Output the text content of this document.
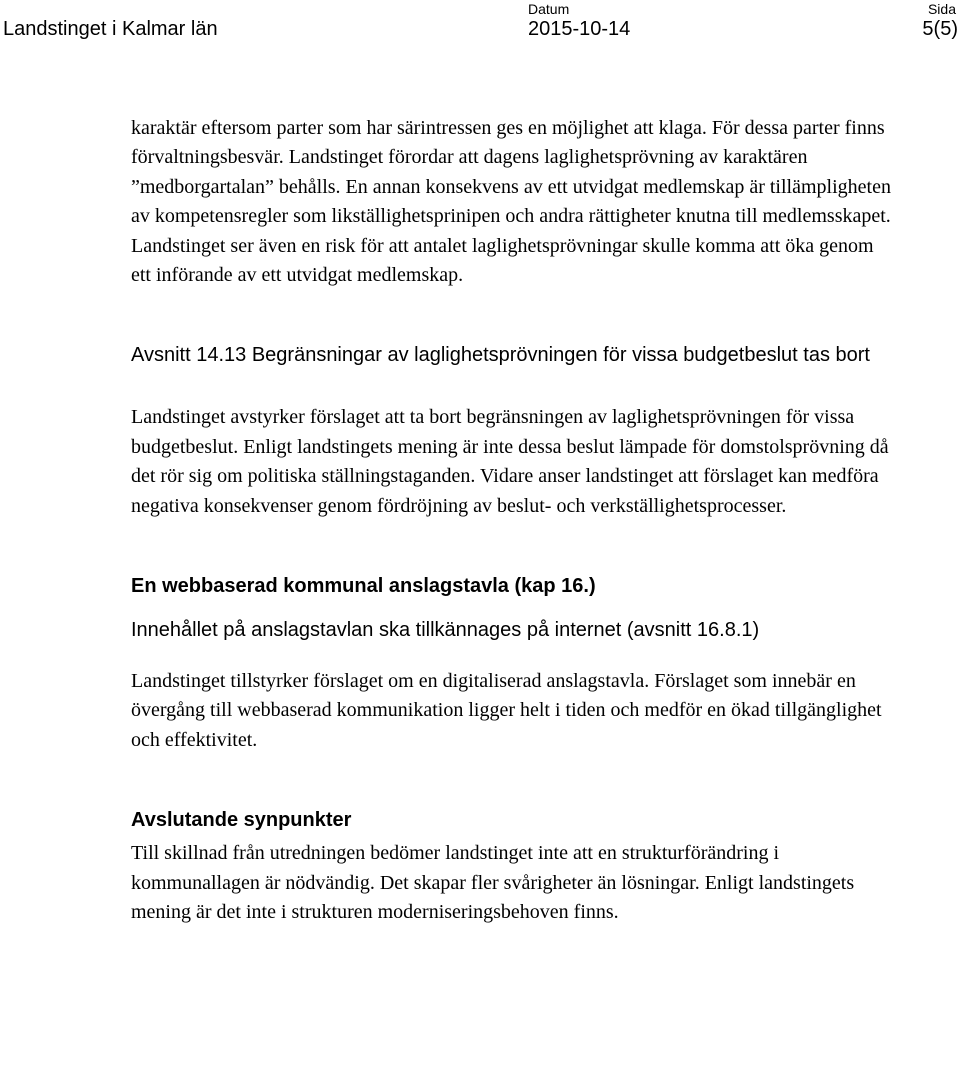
Landstinget i Kalmar län
Datum
2015-10-14
Sida
5(5)

karaktär eftersom parter som har särintressen ges en möjlighet att klaga. För dessa parter finns förvaltningsbesvär. Landstinget förordar att dagens laglighetsprövning av karaktären ”medborgartalan” behålls. En annan konsekvens av ett utvidgat medlemskap är tillämpligheten av kompetensregler som likställighetsprinipen och andra rättigheter knutna till medlemsskapet. Landstinget ser även en risk för att antalet laglighetsprövningar skulle komma att öka genom ett införande av ett utvidgat medlemskap.

Avsnitt 14.13 Begränsningar av laglighetsprövningen för vissa budgetbeslut tas bort

Landstinget avstyrker förslaget att ta bort begränsningen av laglighetsprövningen för vissa budgetbeslut. Enligt landstingets mening är inte dessa beslut lämpade för domstolsprövning då det rör sig om politiska ställningstaganden. Vidare anser landstinget att förslaget kan medföra negativa konsekvenser genom fördröjning av beslut- och verkställighetsprocesser.

En webbaserad kommunal anslagstavla (kap 16.)
Innehållet på anslagstavlan ska tillkännages på internet (avsnitt 16.8.1)

Landstinget tillstyrker förslaget om en digitaliserad anslagstavla. Förslaget som innebär en övergång till webbaserad kommunikation ligger helt i tiden och medför en ökad tillgänglighet och effektivitet.

Avslutande synpunkter

Till skillnad från utredningen bedömer landstinget inte att en strukturförändring i kommunallagen är nödvändig. Det skapar fler svårigheter än lösningar. Enligt landstingets mening är det inte i strukturen moderniseringsbehoven finns.
